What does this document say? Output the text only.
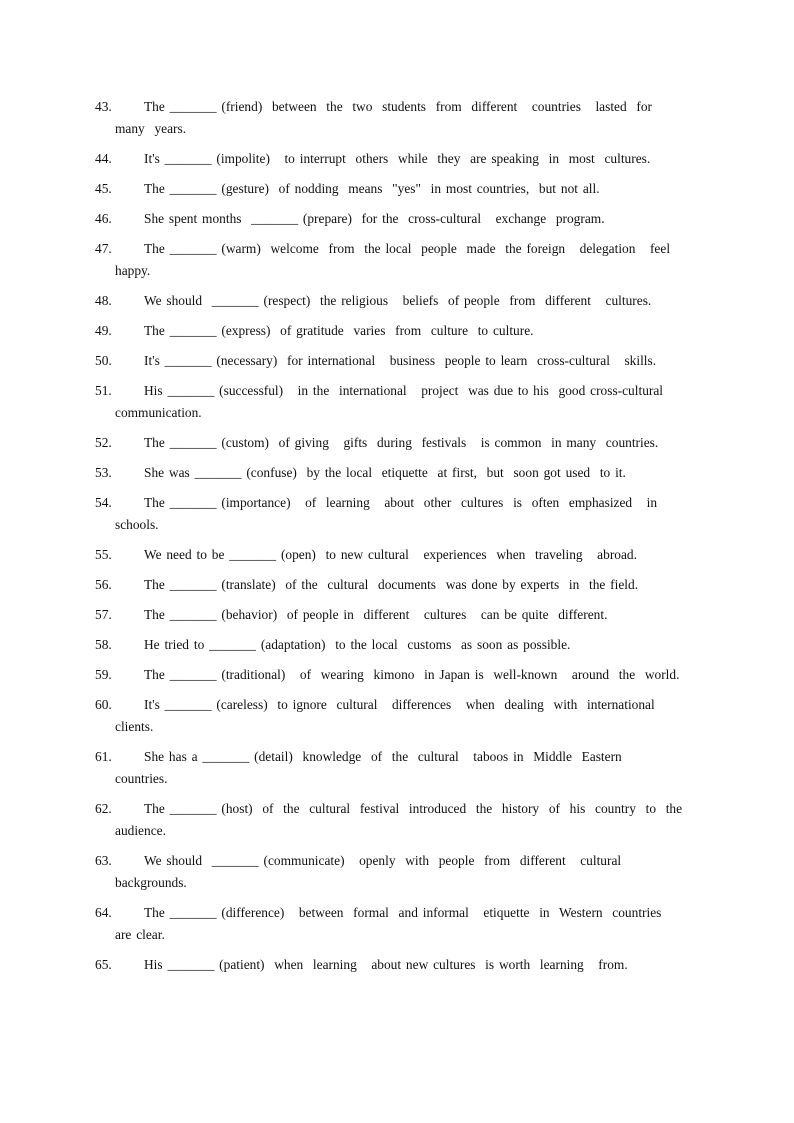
43.	The _______ (friend)  between  the  two  students  from  different   countries   lasted  for
many  years.
44.	It's _______ (impolite)   to interrupt  others  while  they  are speaking  in  most  cultures.
45.	The _______ (gesture)  of nodding  means  "yes"  in most countries,  but not all.
46.	She spent months  _______ (prepare)  for the  cross-cultural   exchange  program.
47.	The _______ (warm)  welcome  from  the local  people  made  the foreign   delegation   feel
happy.
48.	We should  _______ (respect)  the religious   beliefs  of people  from  different   cultures.
49.	The _______ (express)  of gratitude  varies  from  culture  to culture.
50.	It's _______ (necessary)  for international   business  people to learn  cross-cultural   skills.
51.	His _______ (successful)   in the  international   project  was due to his  good cross-cultural
communication.
52.	The _______ (custom)  of giving   gifts  during  festivals   is common  in many  countries.
53.	She was _______ (confuse)  by the local  etiquette  at first,  but  soon got used  to it.
54.	The _______ (importance)   of  learning   about  other  cultures  is  often  emphasized   in
schools.
55.	We need to be _______ (open)  to new cultural   experiences  when  traveling   abroad.
56.	The _______ (translate)  of the  cultural  documents  was done by experts  in  the field.
57.	The _______ (behavior)  of people in  different   cultures   can be quite  different.
58.	He tried to _______ (adaptation)  to the local  customs  as soon as possible.
59.	The _______ (traditional)   of  wearing  kimono  in Japan is  well-known   around  the  world.
60.	It's _______ (careless)  to ignore  cultural   differences   when  dealing  with  international
clients.
61.	She has a _______ (detail)  knowledge  of  the  cultural   taboos in  Middle  Eastern
countries.
62.	The _______ (host)  of  the  cultural  festival  introduced  the  history  of  his  country  to  the
audience.
63.	We should  _______ (communicate)   openly  with  people  from  different   cultural
backgrounds.
64.	The _______ (difference)   between  formal  and informal   etiquette  in  Western  countries
are clear.
65.	His _______ (patient)  when  learning   about new cultures  is worth  learning   from.
